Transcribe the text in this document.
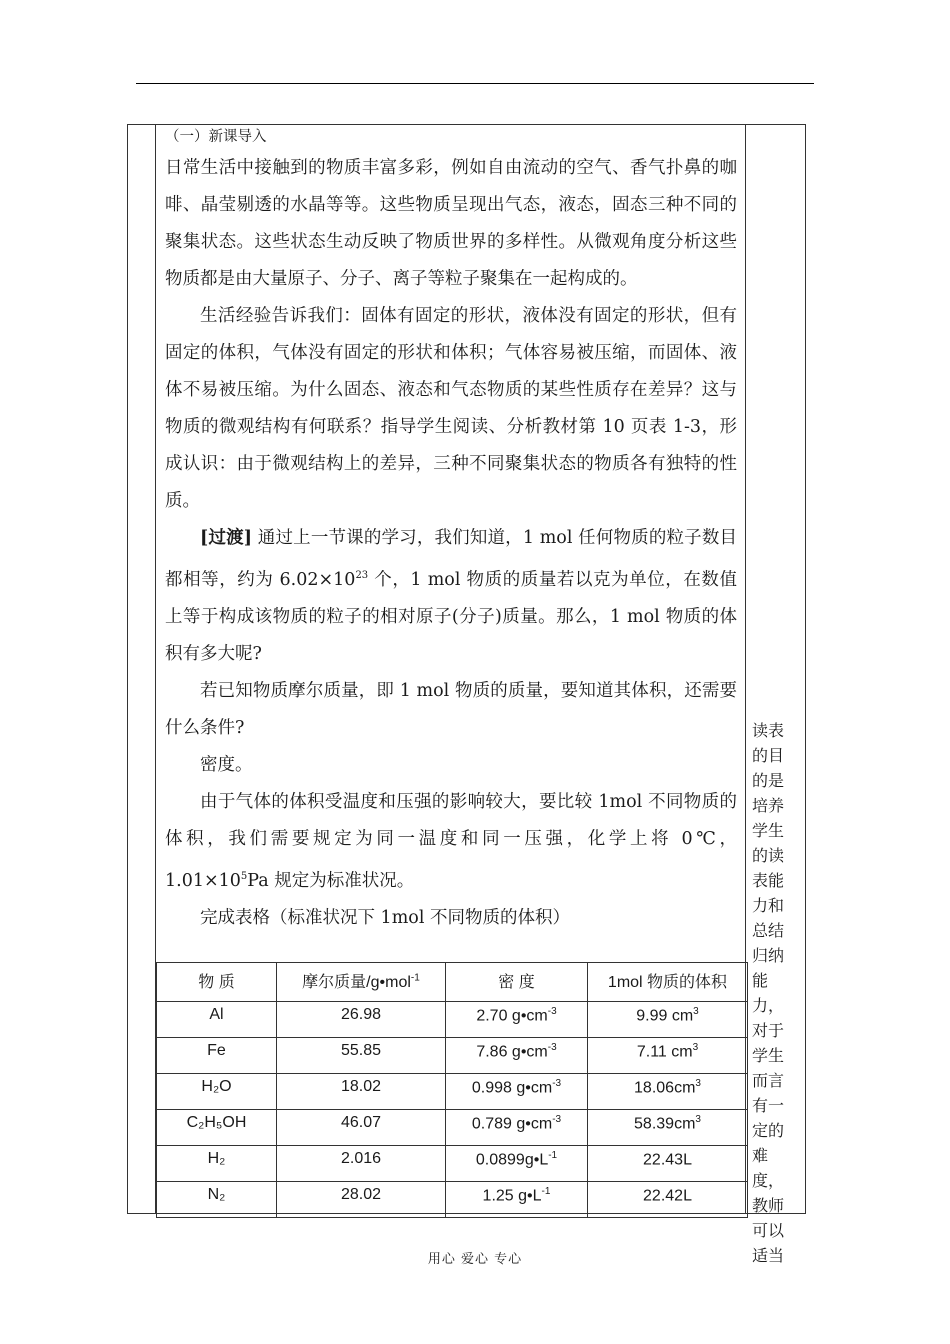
（一）新课导入

日常生活中接触到的物质丰富多彩，例如自由流动的空气、香气扑鼻的咖啡、晶莹剔透的水晶等等。这些物质呈现出气态，液态，固态三种不同的聚集状态。这些状态生动反映了物质世界的多样性。从微观角度分析这些物质都是由大量原子、分子、离子等粒子聚集在一起构成的。

生活经验告诉我们：固体有固定的形状，液体没有固定的形状，但有固定的体积，气体没有固定的形状和体积；气体容易被压缩，而固体、液体不易被压缩。为什么固态、液态和气态物质的某些性质存在差异？这与物质的微观结构有何联系？指导学生阅读、分析教材第 10 页表 1-3，形成认识：由于微观结构上的差异，三种不同聚集状态的物质各有独特的性质。

[过渡] 通过上一节课的学习，我们知道，1 mol 任何物质的粒子数目都相等，约为 $6.02\times 10^{23}$ 个，1 mol 物质的质量若以克为单位，在数值上等于构成该物质的粒子的相对原子(分子)质量。那么，1 mol 物质的体积有多大呢?

若已知物质摩尔质量，即 1 mol 物质的质量，要知道其体积，还需要什么条件?

密度。

由于气体的体积受温度和压强的影响较大，要比较 1mol 不同物质的体积，我们需要规定为同一温度和同一压强，化学上将 0℃，$1.01\times 10^5Pa$ 规定为标准状况。

完成表格（标准状况下 1mol 不同物质的体积）

读表的目的是培养学生的读表能力和总结归纳能力，对于学生而言有一定的难度，教师可以适当
物 质	摩尔质量/g•mol$^{-1}$	密 度	1mol 物质的体积
Al	26.98	2.70 $g•cm^{-3}$	9.99 $cm^3$
Fe	55.85	7.86 $g•cm^{-3}$	7.11 $cm^3$
H₂O	18.02	0.998 $g•cm^{-3}$	$18.06cm^3$
C₂H₅OH	46.07	0.789 $g•cm^{-3}$	$58.39cm^3$
H₂	2.016	$0.0899g•L^{-1}$	22.43L
N₂	28.02	1.25 $g•L^{-1}$	22.42L
用心 爱心 专心
